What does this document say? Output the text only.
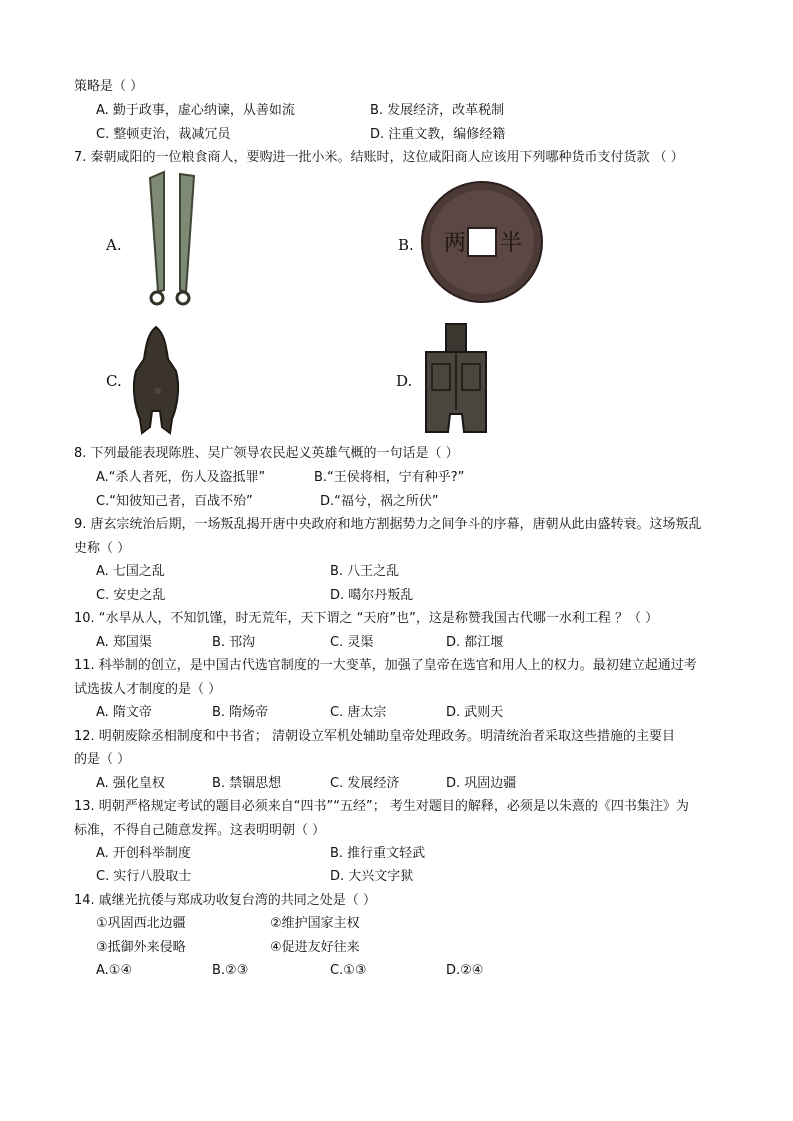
策略是（ ）
A. 勤于政事，虚心纳谏，从善如流	B. 发展经济，改革税制
C. 整顿吏治，裁减冗员	D. 注重文教，编修经籍
7. 秦朝咸阳的一位粮食商人，要购进一批小米。结账时，这位咸阳商人应该用下列哪种货币支付货款 （ ）
A.	B. 两 半
C.	D.
8. 下列最能表现陈胜、吴广领导农民起义英雄气概的一句话是（ ）
A.“杀人者死，伤人及盗抵罪”	B.“王侯将相，宁有种乎?”
C.“知彼知己者，百战不殆”	D.“福兮，祸之所伏”
9. 唐玄宗统治后期，一场叛乱揭开唐中央政府和地方割据势力之间争斗的序幕，唐朝从此由盛转衰。这场叛乱
史称（ ）
A. 七国之乱	B. 八王之乱
C. 安史之乱	D. 噶尔丹叛乱
10. “水旱从人，不知饥馑，时无荒年，天下谓之 “天府”也”，这是称赞我国古代哪一水利工程 ？（ ）
A. 郑国渠	B. 邗沟	C. 灵渠	D. 都江堰
11. 科举制的创立，是中国古代选官制度的一大变革，加强了皇帝在选官和用人上的权力。最初建立起通过考
试选拔人才制度的是（ ）
A. 隋文帝	B. 隋炀帝	C. 唐太宗	D. 武则天
12. 明朝废除丞相制度和中书省； 清朝设立军机处辅助皇帝处理政务。明清统治者采取这些措施的主要目
的是（ ）
A. 强化皇权	B. 禁锢思想	C. 发展经济	D. 巩固边疆
13. 明朝严格规定考试的题目必须来自“四书”“五经”； 考生对题目的解释，必须是以朱熹的《四书集注》为
标准，不得自己随意发挥。这表明明朝（ ）
A. 开创科举制度	B. 推行重文轻武
C. 实行八股取士	D. 大兴文字狱
14. 戚继光抗倭与郑成功收复台湾的共同之处是（ ）
①巩固西北边疆	②维护国家主权
③抵御外来侵略	④促进友好往来
A.①④	B.②③	C.①③	D.②④
